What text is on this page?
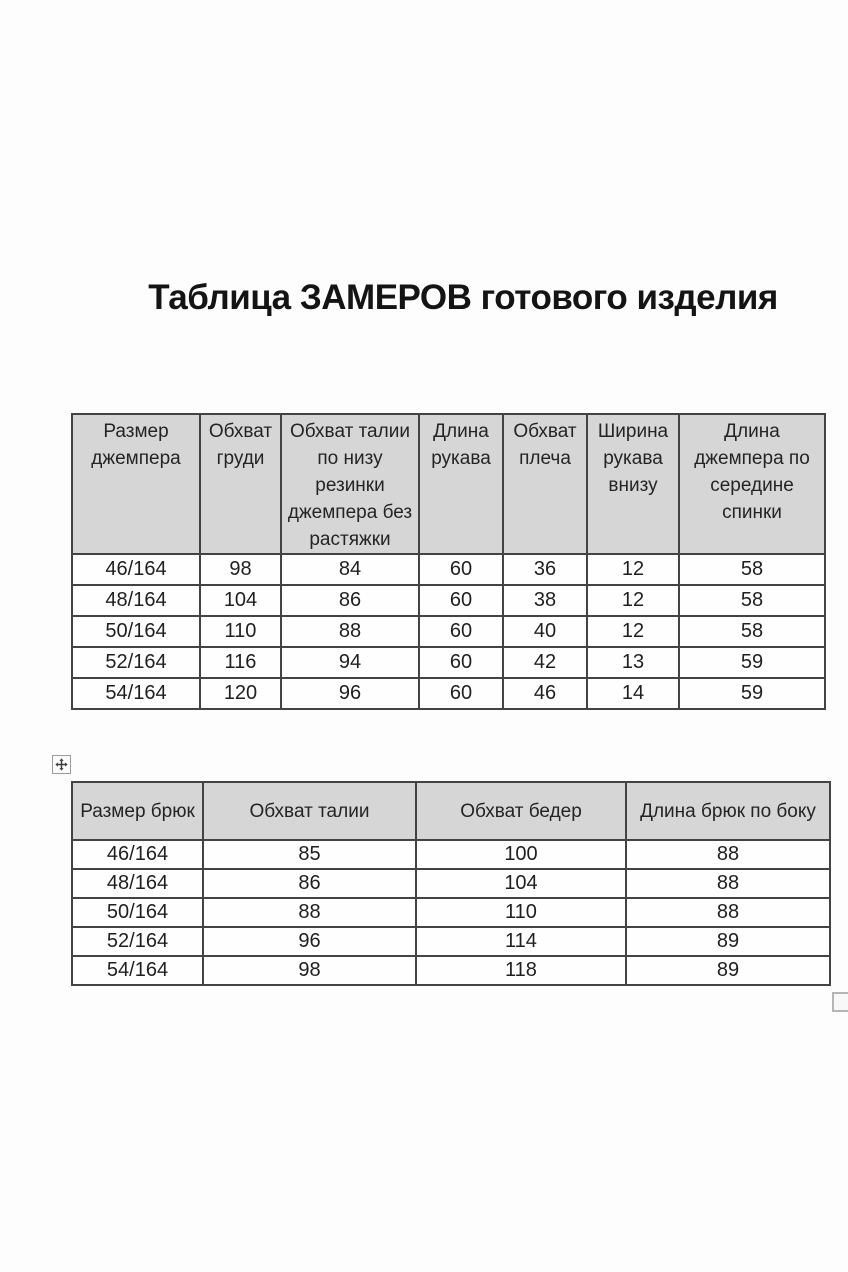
Таблица ЗАМЕРОВ готового изделия
Размер джемпера	Обхват груди	Обхват талии по низу резинки джемпера без растяжки	Длина рукава	Обхват плеча	Ширина рукава внизу	Длина джемпера по середине спинки
46/164	98	84	60	36	12	58
48/164	104	86	60	38	12	58
50/164	110	88	60	40	12	58
52/164	116	94	60	42	13	59
54/164	120	96	60	46	14	59
Размер брюк	Обхват талии	Обхват бедер	Длина брюк по боку
46/164	85	100	88
48/164	86	104	88
50/164	88	110	88
52/164	96	114	89
54/164	98	118	89
